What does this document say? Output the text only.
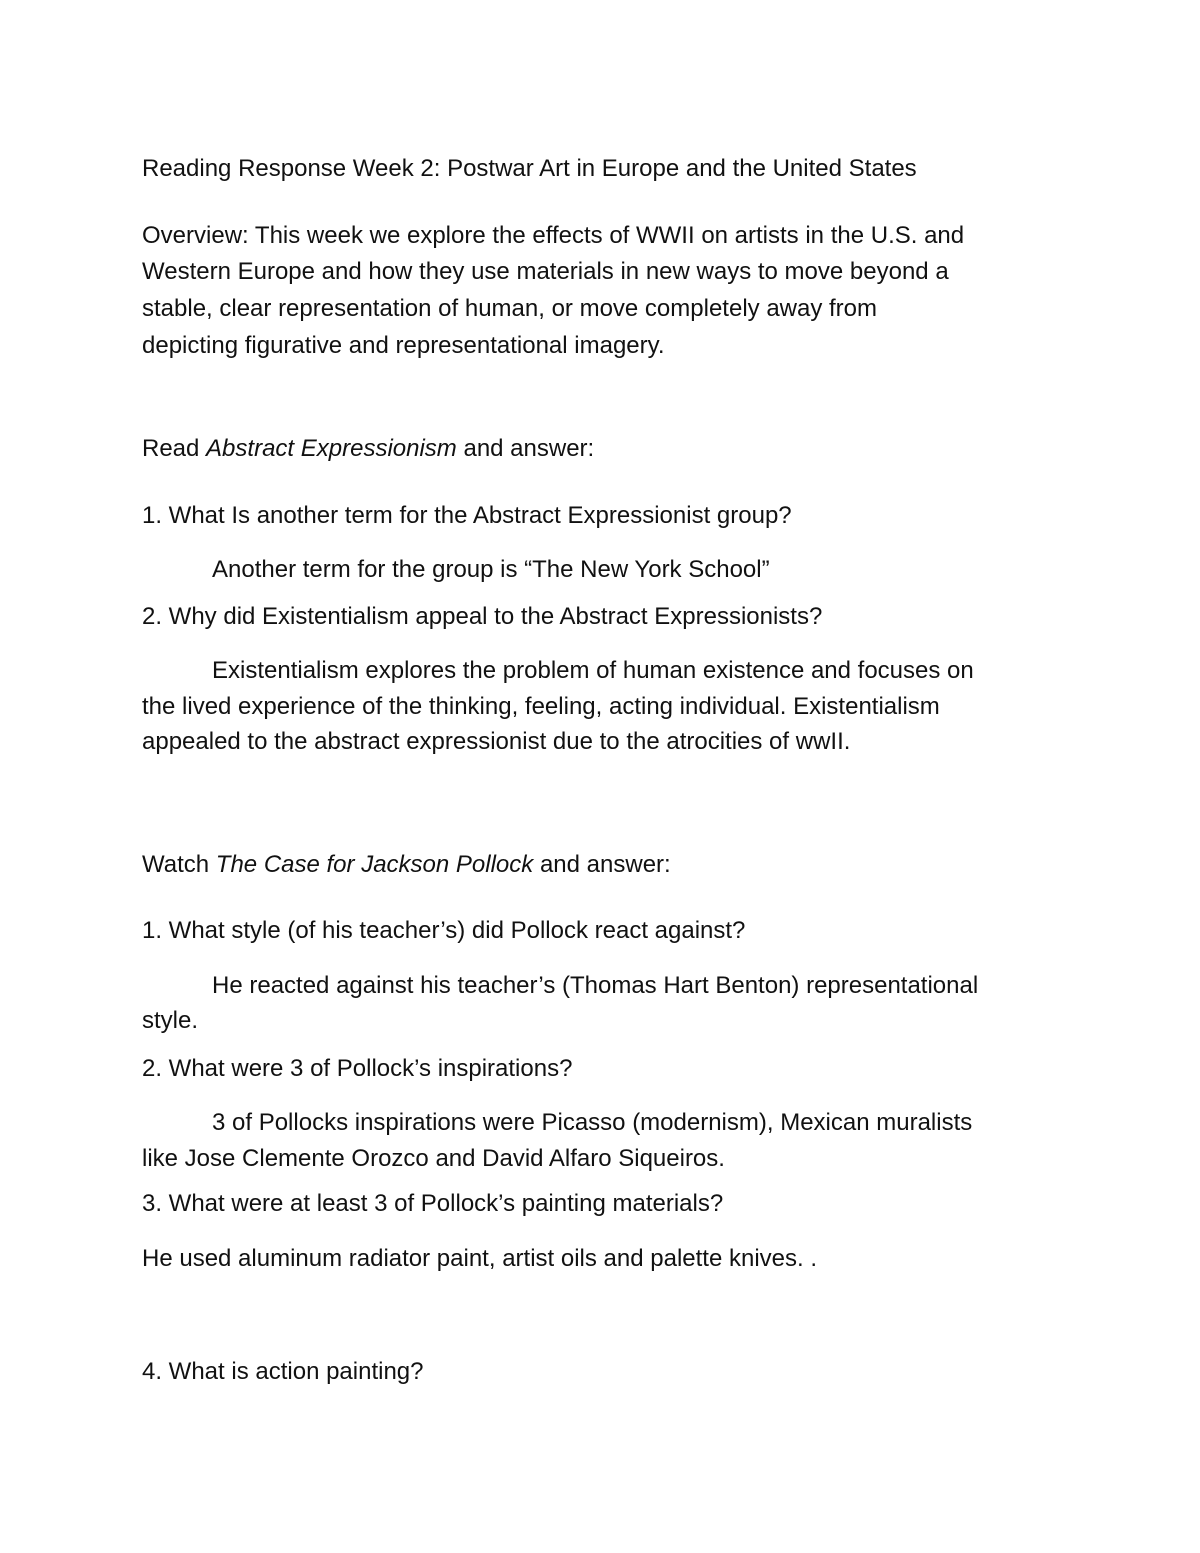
Reading Response Week 2: Postwar Art in Europe and the United States
Overview: This week we explore the effects of WWII on artists in the U.S. and
Western Europe and how they use materials in new ways to move beyond a
stable, clear representation of human, or move completely away from
depicting figurative and representational imagery.
Read Abstract Expressionism and answer:
1. What Is another term for the Abstract Expressionist group?
Another term for the group is “The New York School”
2. Why did Existentialism appeal to the Abstract Expressionists?
Existentialism explores the problem of human existence and focuses on
the lived experience of the thinking, feeling, acting individual. Existentialism
appealed to the abstract expressionist due to the atrocities of wwII.
Watch The Case for Jackson Pollock and answer:
1. What style (of his teacher’s) did Pollock react against?
He reacted against his teacher’s (Thomas Hart Benton) representational
style.
2. What were 3 of Pollock’s inspirations?
3 of Pollocks inspirations were Picasso (modernism), Mexican muralists
like Jose Clemente Orozco and David Alfaro Siqueiros.
3. What were at least 3 of Pollock’s painting materials?
He used aluminum radiator paint, artist oils and palette knives. .
4. What is action painting?
